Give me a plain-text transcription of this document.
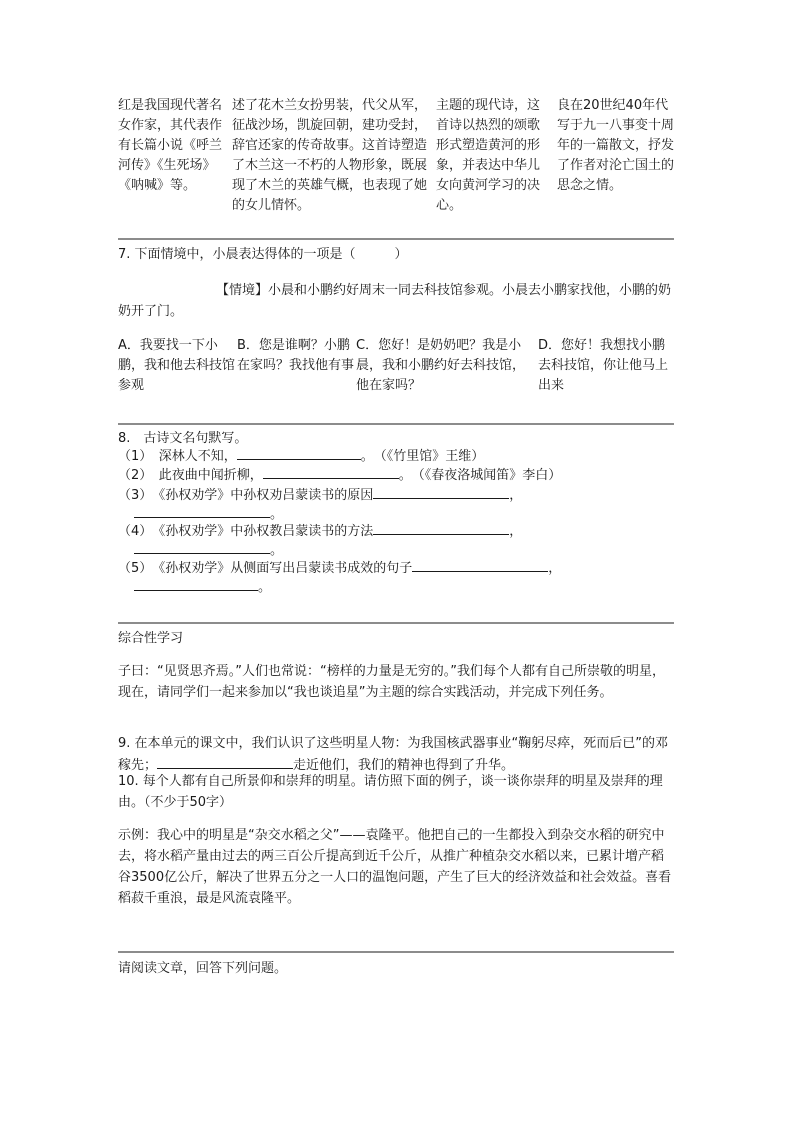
红是我国现代著名女作家，其代表作有长篇小说《呼兰河传》《生死场》《呐喊》等。
述了花木兰女扮男装，代父从军，征战沙场，凯旋回朝，建功受封，辞官还家的传奇故事。这首诗塑造了木兰这一不朽的人物形象，既展现了木兰的英雄气概，也表现了她的女儿情怀。
主题的现代诗，这首诗以热烈的颂歌形式塑造黄河的形象，并表达中华儿女向黄河学习的决心。
良在20世纪40年代写于九一八事变十周年的一篇散文，抒发了作者对沦亡国土的思念之情。
7. 下面情境中，小晨表达得体的一项是（　　　）
【情境】小晨和小鹏约好周末一同去科技馆参观。小晨去小鹏家找他，小鹏的奶奶开了门。
A．我要找一下小鹏，我和他去科技馆参观
B．您是谁啊？小鹏在家吗？我找他有事
C．您好！是奶奶吧？我是小晨，我和小鹏约好去科技馆，他在家吗？
D．您好！我想找小鹏去科技馆，你让他马上出来
8.　古诗文名句默写。
（1）　深林人不知，	。　（《竹里馆》王维）
（2）　此夜曲中闻折柳，	。　（《春夜洛城闻笛》李白）
（3）　《孙权劝学》中孙权劝吕蒙读书的原因	，
。
（4）　《孙权劝学》中孙权教吕蒙读书的方法	，
。
（5）　《孙权劝学》从侧面写出吕蒙读书成效的句子	，
。
综合性学习
子曰：“见贤思齐焉。”人们也常说：“榜样的力量是无穷的。”我们每个人都有自己所崇敬的明星，现在，请同学们一起来参加以“我也谈追星”为主题的综合实践活动，并完成下列任务。
9. 在本单元的课文中，我们认识了这些明星人物：为我国核武器事业“鞠躬尽瘁，死而后已”的邓稼先；	走近他们，我们的精神也得到了升华。
10. 每个人都有自己所景仰和崇拜的明星。请仿照下面的例子，谈一谈你崇拜的明星及崇拜的理由。（不少于50字）
示例：我心中的明星是“杂交水稻之父”——袁隆平。他把自己的一生都投入到杂交水稻的研究中去，将水稻产量由过去的两三百公斤提高到近千公斤，从推广种植杂交水稻以来，已累计增产稻谷3500亿公斤，解决了世界五分之一人口的温饱问题，产生了巨大的经济效益和社会效益。喜看稻菽千重浪，最是风流袁隆平。
请阅读文章，回答下列问题。
